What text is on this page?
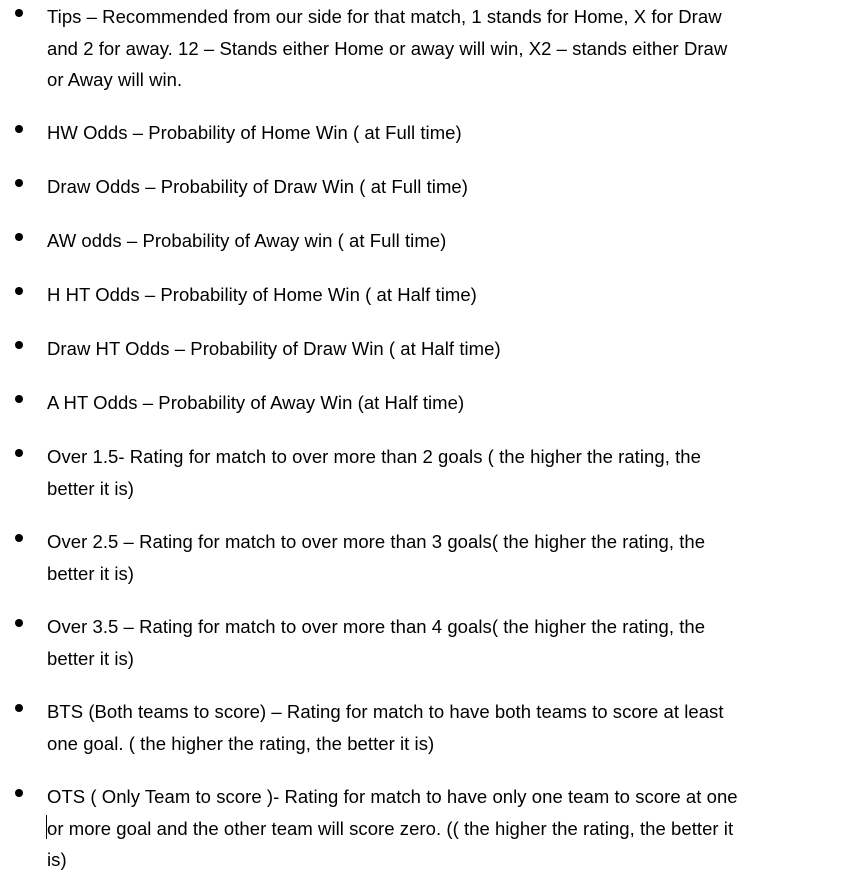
Tips – Recommended from our side for that match, 1 stands for Home, X for Draw and 2 for away. 12 – Stands either Home or away will win, X2 – stands either Draw or Away will win.
HW Odds – Probability of Home Win ( at Full time)
Draw Odds – Probability of Draw Win ( at Full time)
AW odds – Probability of Away win ( at Full time)
H HT Odds – Probability of Home Win ( at Half time)
Draw HT Odds – Probability of Draw Win ( at Half time)
A HT Odds – Probability of Away Win (at Half time)
Over 1.5- Rating for match to over more than 2 goals ( the higher the rating, the better it is)
Over 2.5 – Rating for match to over more than 3 goals( the higher the rating, the better it is)
Over 3.5 – Rating for match to over more than 4 goals( the higher the rating, the better it is)
BTS (Both teams to score) – Rating for match to have both teams to score at least one goal. ( the higher the rating, the better it is)
OTS ( Only Team to score )- Rating for match to have only one team to score at one or more goal and the other team will score zero. (( the higher the rating, the better it is)
